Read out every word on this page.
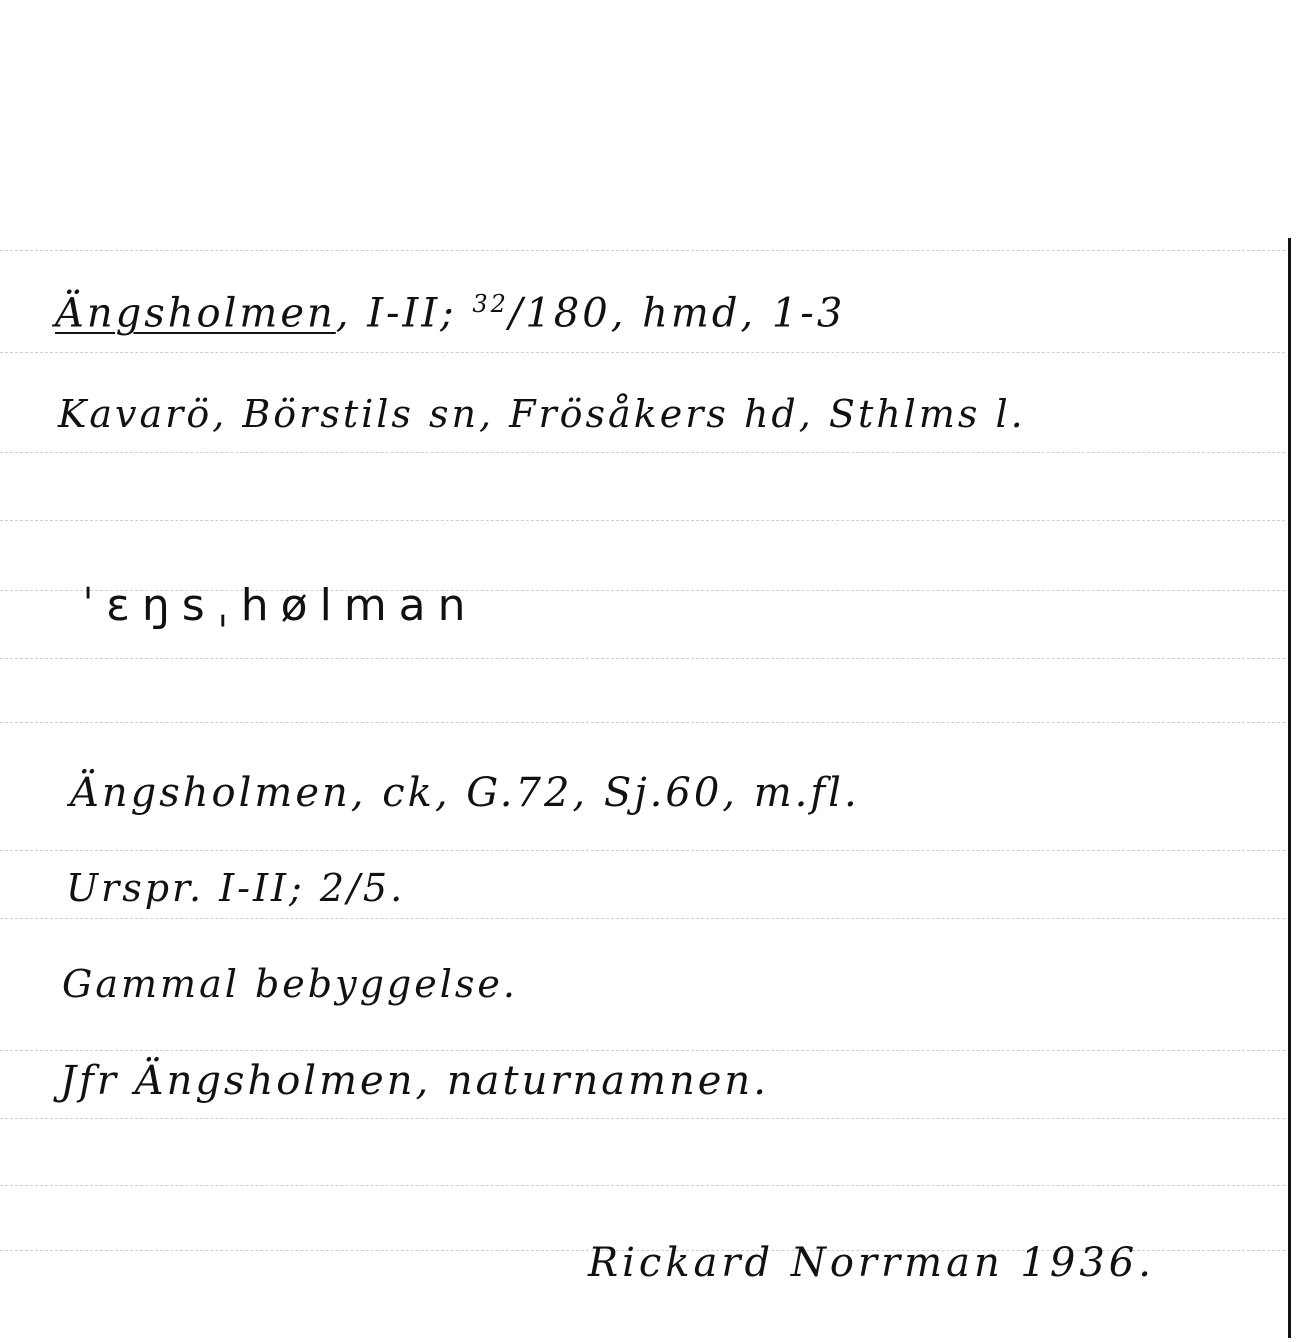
Ängsholmen, I-II; $^{32}$/180, hmd, 1-3
Kavarö, Börstils sn, Frösåkers hd, Sthlms l.
ˈɛŋsˌhølman
Ängsholmen, ck, G.72, Sj.60, m.fl.
Urspr. I-II; 2/5.
Gammal bebyggelse.
Jfr Ängsholmen, naturnamnen.
Rickard Norrman 1936.
